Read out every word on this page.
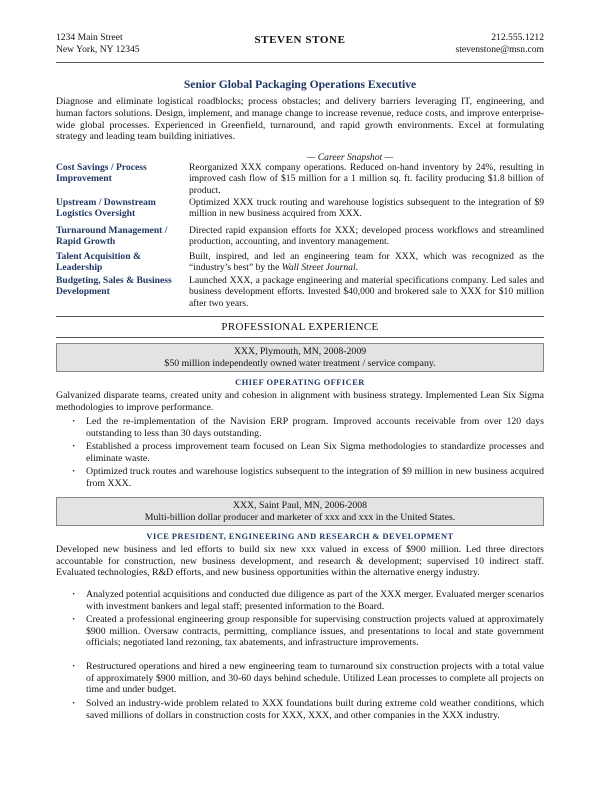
1234 Main Street
New York, NY 12345
STEVEN STONE	212.555.1212
stevenstone@msn.com
Senior Global Packaging Operations Executive
Diagnose and eliminate logistical roadblocks; process obstacles; and delivery barriers leveraging IT, engineering, and human factors solutions. Design, implement, and manage change to increase revenue, reduce costs, and improve enterprise-wide global processes. Experienced in Greenfield, turnaround, and rapid growth environments. Excel at formulating strategy and leading team building initiatives.
— Career Snapshot —
Cost Savings / Process Improvement
Reorganized XXX company operations. Reduced on-hand inventory by 24%, resulting in improved cash flow of $15 million for a 1 million sq. ft. facility producing $1.8 billion of product.
Upstream / Downstream Logistics Oversight
Optimized XXX truck routing and warehouse logistics subsequent to the integration of $9 million in new business acquired from XXX.
Turnaround Management / Rapid Growth
Directed rapid expansion efforts for XXX; developed process workflows and streamlined production, accounting, and inventory management.
Talent Acquisition & Leadership
Built, inspired, and led an engineering team for XXX, which was recognized as the “industry’s best” by the Wall Street Journal.
Budgeting, Sales & Business Development
Launched XXX, a package engineering and material specifications company. Led sales and business development efforts. Invested $40,000 and brokered sale to XXX for $10 million after two years.
PROFESSIONAL EXPERIENCE
XXX, Plymouth, MN, 2008-2009
$50 million independently owned water treatment / service company.
CHIEF OPERATING OFFICER
Galvanized disparate teams, created unity and cohesion in alignment with business strategy. Implemented Lean Six Sigma methodologies to improve performance.
· Led the re-implementation of the Navision ERP program. Improved accounts receivable from over 120 days outstanding to less than 30 days outstanding.
· Established a process improvement team focused on Lean Six Sigma methodologies to standardize processes and eliminate waste.
· Optimized truck routes and warehouse logistics subsequent to the integration of $9 million in new business acquired from XXX.
XXX, Saint Paul, MN, 2006-2008
Multi-billion dollar producer and marketer of xxx and xxx in the United States.
VICE PRESIDENT, ENGINEERING AND RESEARCH & DEVELOPMENT
Developed new business and led efforts to build six new xxx valued in excess of $900 million. Led three directors accountable for construction, new business development, and research & development; supervised 10 indirect staff. Evaluated technologies, R&D efforts, and new business opportunities within the alternative energy industry.
· Analyzed potential acquisitions and conducted due diligence as part of the XXX merger. Evaluated merger scenarios with investment bankers and legal staff; presented information to the Board.
· Created a professional engineering group responsible for supervising construction projects valued at approximately $900 million. Oversaw contracts, permitting, compliance issues, and presentations to local and state government officials; negotiated land rezoning, tax abatements, and infrastructure improvements.
· Restructured operations and hired a new engineering team to turnaround six construction projects with a total value of approximately $900 million, and 30-60 days behind schedule. Utilized Lean processes to complete all projects on time and under budget.
· Solved an industry-wide problem related to XXX foundations built during extreme cold weather conditions, which saved millions of dollars in construction costs for XXX, XXX, and other companies in the XXX industry.
